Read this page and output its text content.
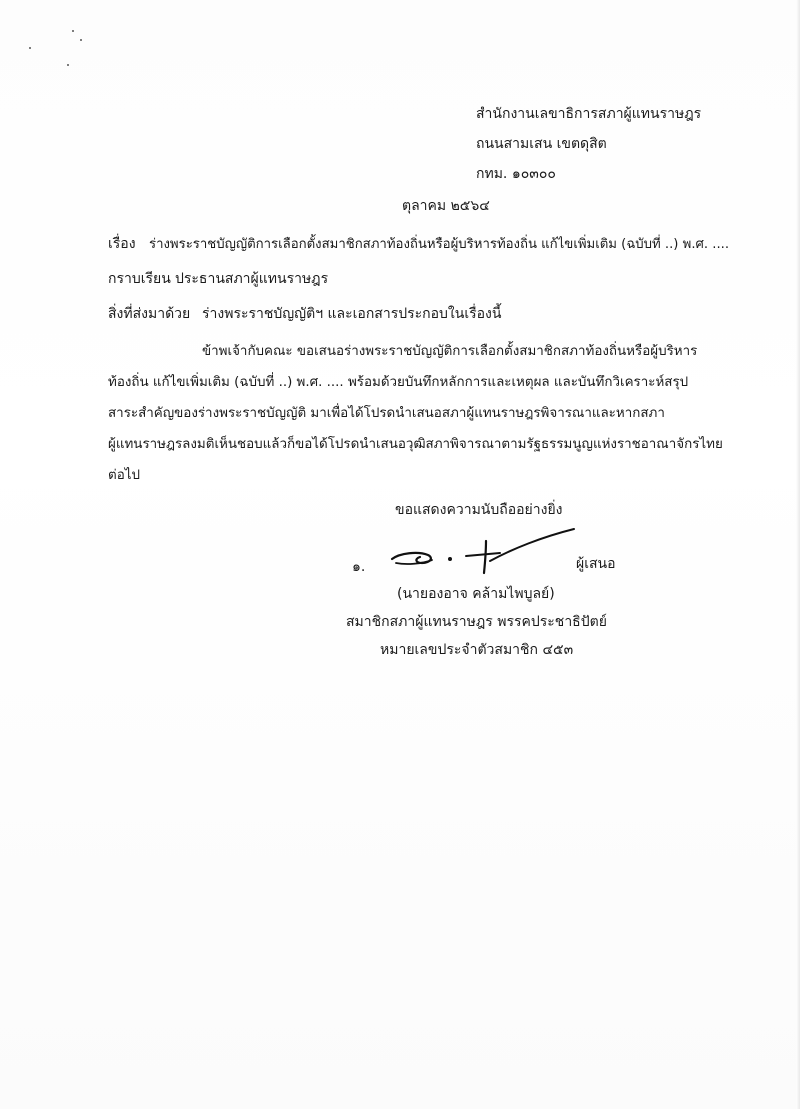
สำนักงานเลขาธิการสภาผู้แทนราษฎร
ถนนสามเสน เขตดุสิต
กทม. ๑๐๓๐๐
ตุลาคม ๒๕๖๔
เรื่อง ร่างพระราชบัญญัติการเลือกตั้งสมาชิกสภาท้องถิ่นหรือผู้บริหารท้องถิ่น แก้ไขเพิ่มเติม (ฉบับที่ ..) พ.ศ. ....
กราบเรียน ประธานสภาผู้แทนราษฎร
สิ่งที่ส่งมาด้วย ร่างพระราชบัญญัติฯ และเอกสารประกอบในเรื่องนี้
ข้าพเจ้ากับคณะ ขอเสนอร่างพระราชบัญญัติการเลือกตั้งสมาชิกสภาท้องถิ่นหรือผู้บริหาร
ท้องถิ่น แก้ไขเพิ่มเติม (ฉบับที่ ..) พ.ศ. .... พร้อมด้วยบันทึกหลักการและเหตุผล และบันทึกวิเคราะห์สรุป
สาระสำคัญของร่างพระราชบัญญัติ มาเพื่อได้โปรดนำเสนอสภาผู้แทนราษฎรพิจารณาและหากสภา
ผู้แทนราษฎรลงมติเห็นชอบแล้วก็ขอได้โปรดนำเสนอวุฒิสภาพิจารณาตามรัฐธรรมนูญแห่งราชอาณาจักรไทย
ต่อไป
ขอแสดงความนับถืออย่างยิ่ง
๑.	ผู้เสนอ
(นายองอาจ คล้ามไพบูลย์)
สมาชิกสภาผู้แทนราษฎร พรรคประชาธิปัตย์
หมายเลขประจำตัวสมาชิก ๔๕๓
